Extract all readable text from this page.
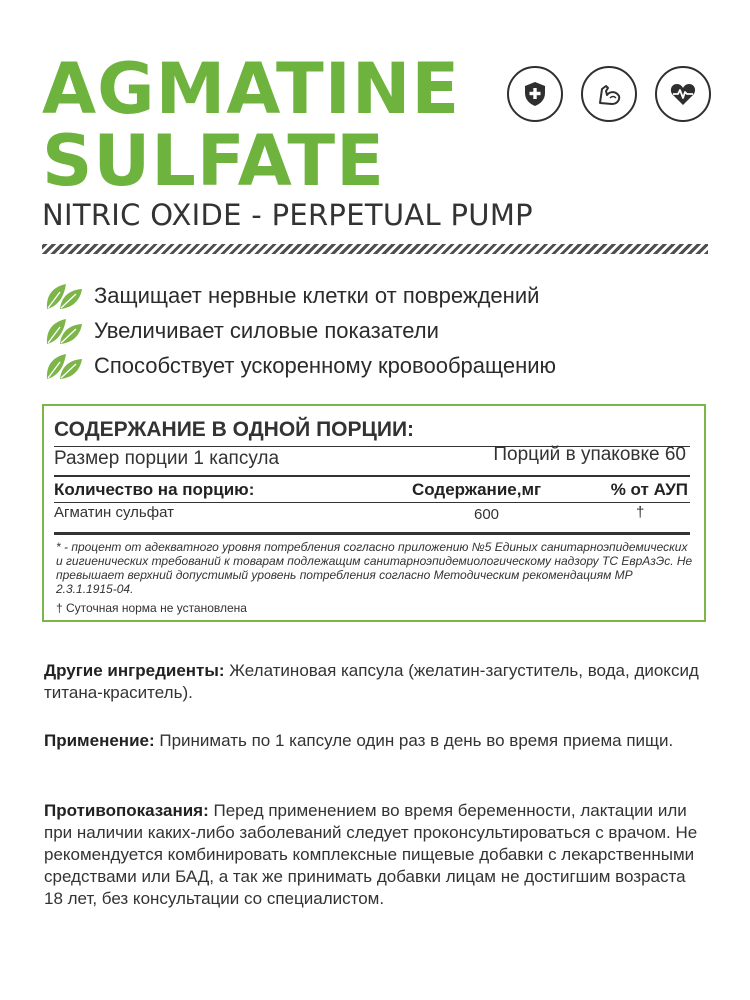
AGMATINE
SULFATE
NITRIC OXIDE - PERPETUAL PUMP
Защищает нервные клетки от повреждений
Увеличивает силовые показатели
Способствует ускоренному кровообращению
СОДЕРЖАНИЕ В ОДНОЙ ПОРЦИИ:
Размер порции 1 капсула	Порций в упаковке 60
Количество на порцию:	Содержание,мг	% от АУП
Агматин сульфат	600	†
* - процент от адекватного уровня потребления согласно приложению №5 Единых санитарноэпидемических и гигиенических требований к товарам подлежащим санитарноэпидемиологическому надзору ТС ЕврАзЭс. Не превышает верхний допустимый уровень потребления согласно Методическим рекомендациям МР 2.3.1.1915-04.
† Суточная норма не установлена

Другие ингредиенты: Желатиновая капсула (желатин-загуститель, вода, диоксид титана-краситель).

Применение: Принимать по 1 капсуле один раз в день во время приема пищи.

Противопоказания: Перед применением во время беременности, лактации или при наличии каких-либо заболеваний следует проконсультироваться с врачом. Не рекомендуется комбинировать комплексные пищевые добавки с лекарственными средствами или БАД, а так же принимать добавки лицам не достигшим возраста 18 лет, без консультации со специалистом.
